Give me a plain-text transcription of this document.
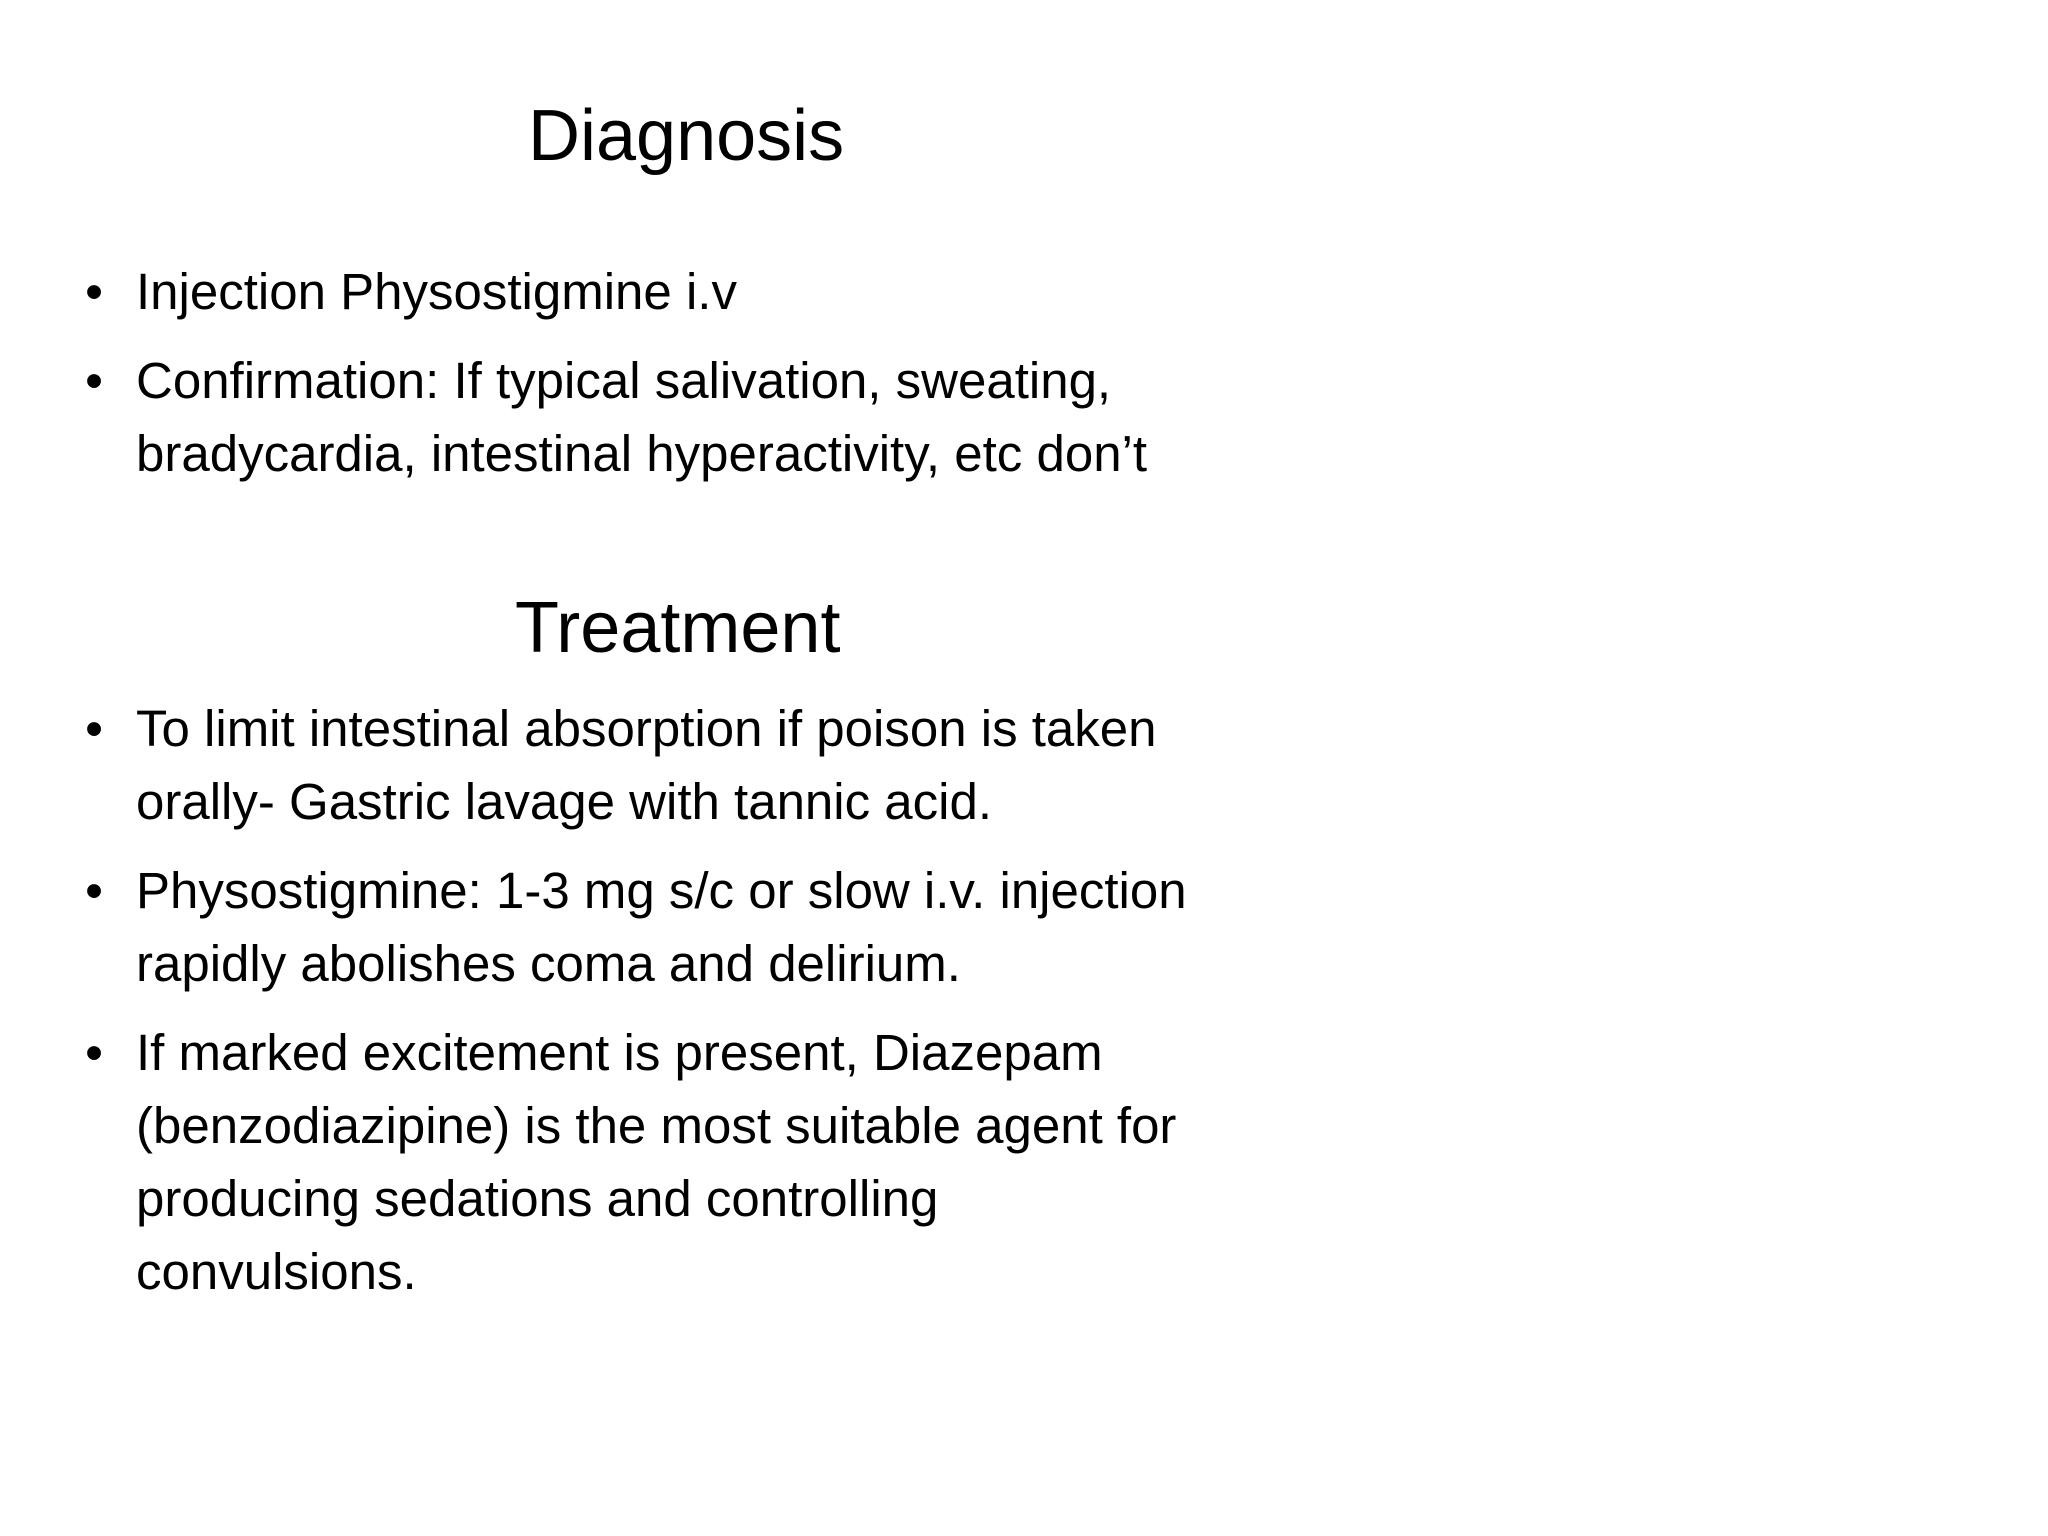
Diagnosis
• Injection Physostigmine i.v
• Confirmation: If typical salivation, sweating,
bradycardia, intestinal hyperactivity, etc don’t
Treatment
• To limit intestinal absorption if poison is taken
orally- Gastric lavage with tannic acid.
• Physostigmine: 1-3 mg s/c or slow i.v. injection
rapidly abolishes coma and delirium.
• If marked excitement is present, Diazepam
(benzodiazipine) is the most suitable agent for
producing sedations and controlling
convulsions.
